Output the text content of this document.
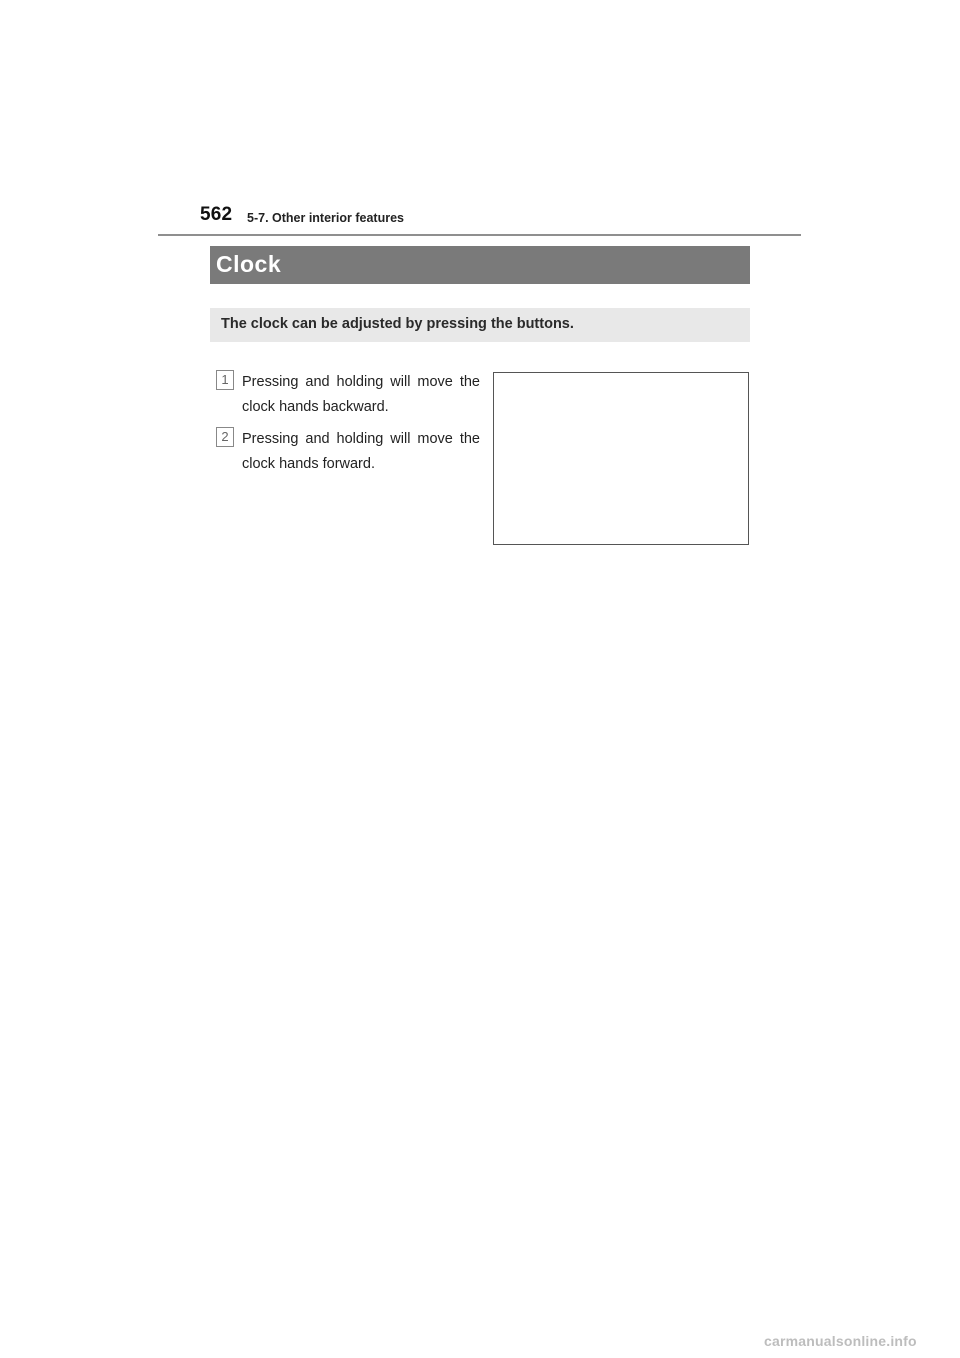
562 5-7. Other interior features
Clock
The clock can be adjusted by pressing the buttons.
1 Pressing and holding will move the clock hands backward.
2 Pressing and holding will move the clock hands forward.
carmanualsonline.info
